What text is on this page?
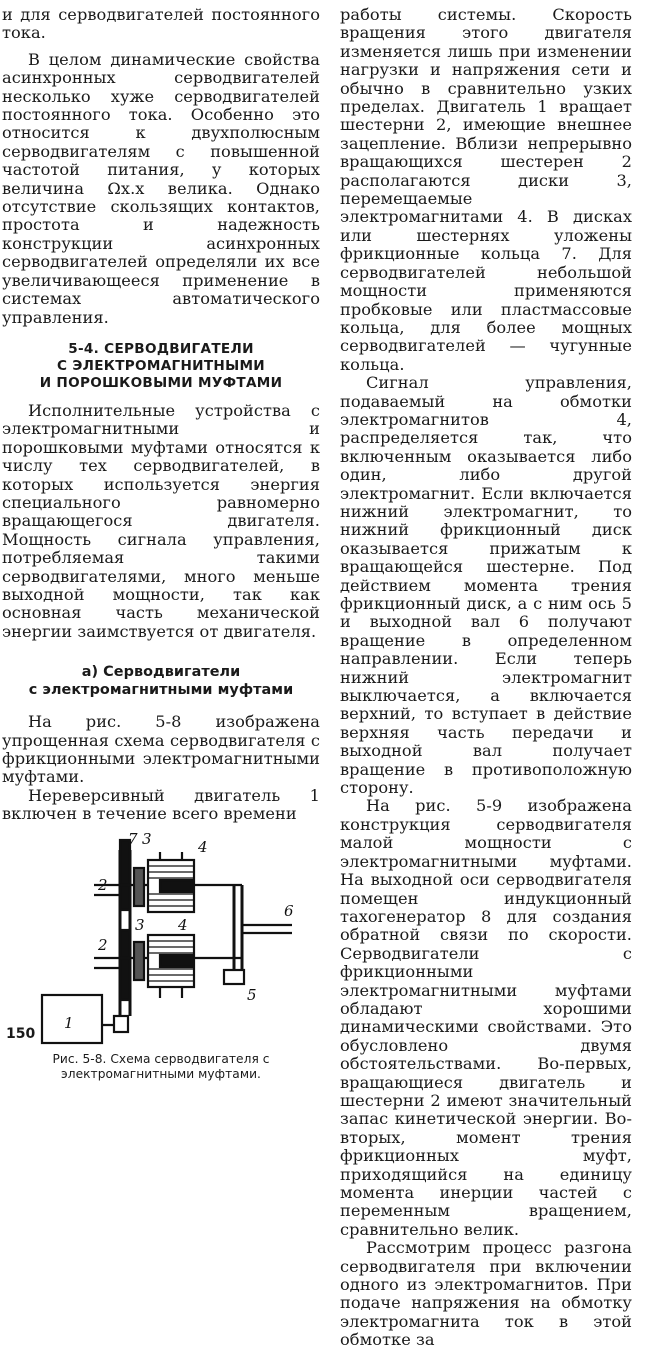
и для серводвигателей постоянного тока.

В целом динамические свойства асинхронных серводвигателей несколько хуже серводвигателей постоянного тока. Особенно это относится к двухполюсным серводвигателям с повышенной частотой питания, у которых величина Ωх.х велика. Однако отсутствие скользящих контактов, простота и надежность конструкции асинхронных серводвигателей определяли их все увеличивающееся применение в системах автоматического управления.

5-4. СЕРВОДВИГАТЕЛИ
С ЭЛЕКТРОМАГНИТНЫМИ
И ПОРОШКОВЫМИ МУФТАМИ

Исполнительные устройства с электромагнитными и порошковыми муфтами относятся к числу тех серводвигателей, в которых используется энергия специального равномерно вращающегося двигателя. Мощность сигнала управления, потребляемая такими серводвигателями, много меньше выходной мощности, так как основная часть механической энергии заимствуется от двигателя.

а) Серводвигатели
с электромагнитными муфтами

На рис. 5-8 изображена упрощенная схема серводвигателя с фрикционными электромагнитными муфтами.

Нереверсивный двигатель 1 включен в течение всего времени

1
2
2
3
3
4
4
5
6
7
Рис. 5-8. Схема серводвигателя с
электромагнитными муфтами.

работы системы. Скорость вращения этого двигателя изменяется лишь при изменении нагрузки и напряжения сети и обычно в сравнительно узких пределах. Двигатель 1 вращает шестерни 2, имеющие внешнее зацепление. Вблизи непрерывно вращающихся шестерен 2 располагаются диски 3, перемещаемые электромагнитами 4. В дисках или шестернях уложены фрикционные кольца 7. Для серводвигателей небольшой мощности применяются пробковые или пластмассовые кольца, для более мощных серводвигателей — чугунные кольца.

Сигнал управления, подаваемый на обмотки электромагнитов 4, распределяется так, что включенным оказывается либо один, либо другой электромагнит. Если включается нижний электромагнит, то нижний фрикционный диск оказывается прижатым к вращающейся шестерне. Под действием момента трения фрикционный диск, а с ним ось 5 и выходной вал 6 получают вращение в определенном направлении. Если теперь нижний электромагнит выключается, а включается верхний, то вступает в действие верхняя часть передачи и выходной вал получает вращение в противоположную сторону.

На рис. 5-9 изображена конструкция серводвигателя малой мощности с электромагнитными муфтами. На выходной оси серводвигателя помещен индукционный тахогенератор 8 для создания обратной связи по скорости. Серводвигатели с фрикционными электромагнитными муфтами обладают хорошими динамическими свойствами. Это обусловлено двумя обстоятельствами. Во-первых, вращающиеся двигатель и шестерни 2 имеют значительный запас кинетической энергии. Во-вторых, момент трения фрикционных муфт, приходящийся на единицу момента инерции частей с переменным вращением, сравнительно велик.

Рассмотрим процесс разгона серводвигателя при включении одного из электромагнитов. При подаче напряжения на обмотку электромагнита ток в этой обмотке за

150
